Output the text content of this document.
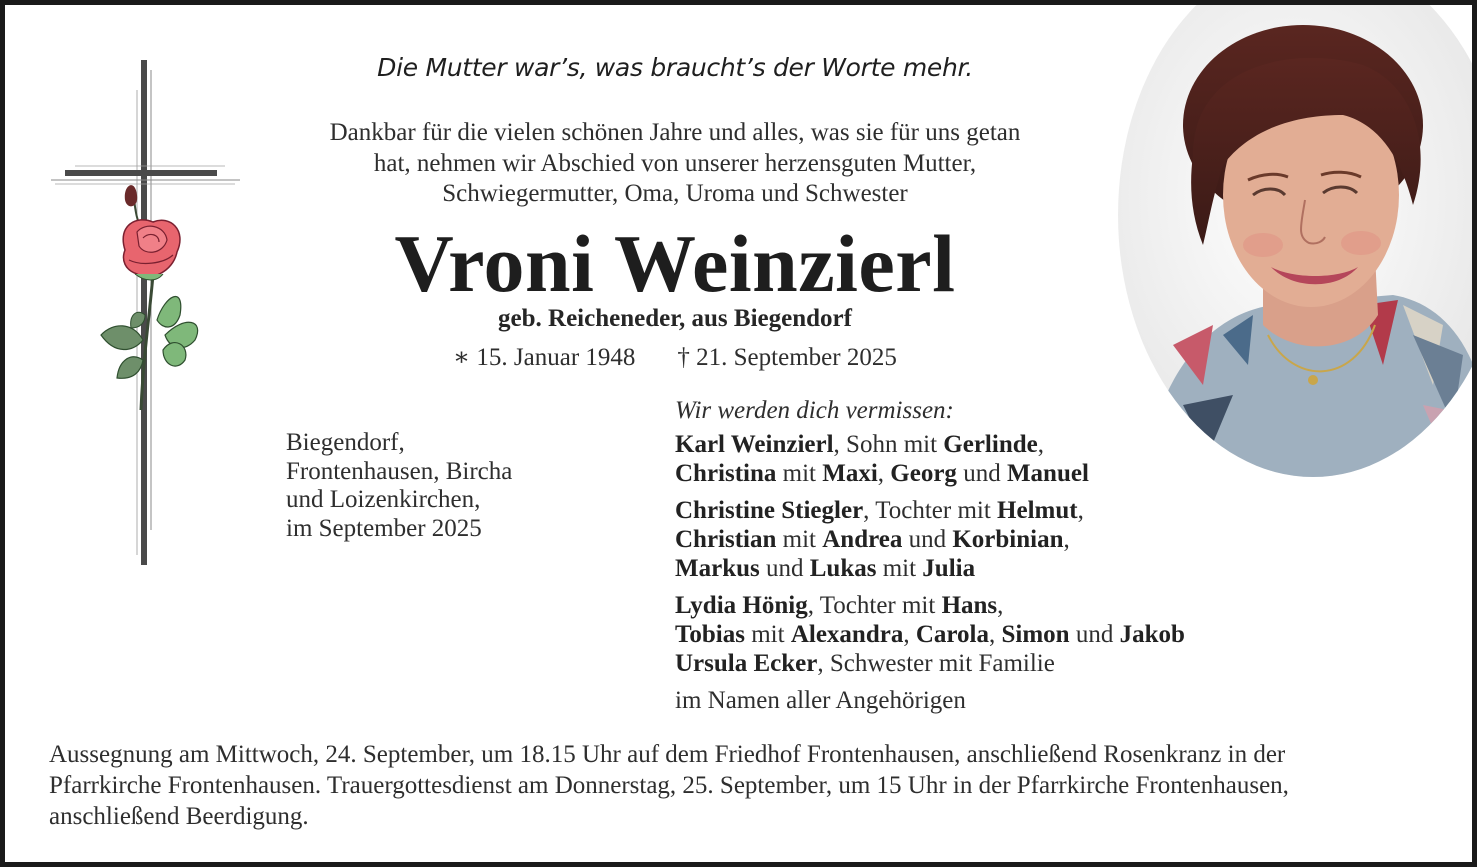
Die Mutter war’s, was braucht’s der Worte mehr.
Dankbar für die vielen schönen Jahre und alles, was sie für uns getan
hat, nehmen wir Abschied von unserer herzensguten Mutter,
Schwiegermutter, Oma, Uroma und Schwester
Vroni Weinzierl
geb. Reicheneder, aus Biegendorf
∗ 15. Januar 1948 † 21. September 2025
Biegendorf,
Frontenhausen, Bircha
und Loizenkirchen,
im September 2025
Wir werden dich vermissen:
Karl Weinzierl, Sohn mit Gerlinde,
Christina mit Maxi, Georg und Manuel
Christine Stiegler, Tochter mit Helmut,
Christian mit Andrea und Korbinian,
Markus und Lukas mit Julia
Lydia Hönig, Tochter mit Hans,
Tobias mit Alexandra, Carola, Simon und Jakob
Ursula Ecker, Schwester mit Familie
im Namen aller Angehörigen
Aussegnung am Mittwoch, 24. September, um 18.15 Uhr auf dem Friedhof Frontenhausen, anschließend Rosenkranz in der
Pfarrkirche Frontenhausen. Trauergottesdienst am Donnerstag, 25. September, um 15 Uhr in der Pfarrkirche Frontenhausen,
anschließend Beerdigung.
